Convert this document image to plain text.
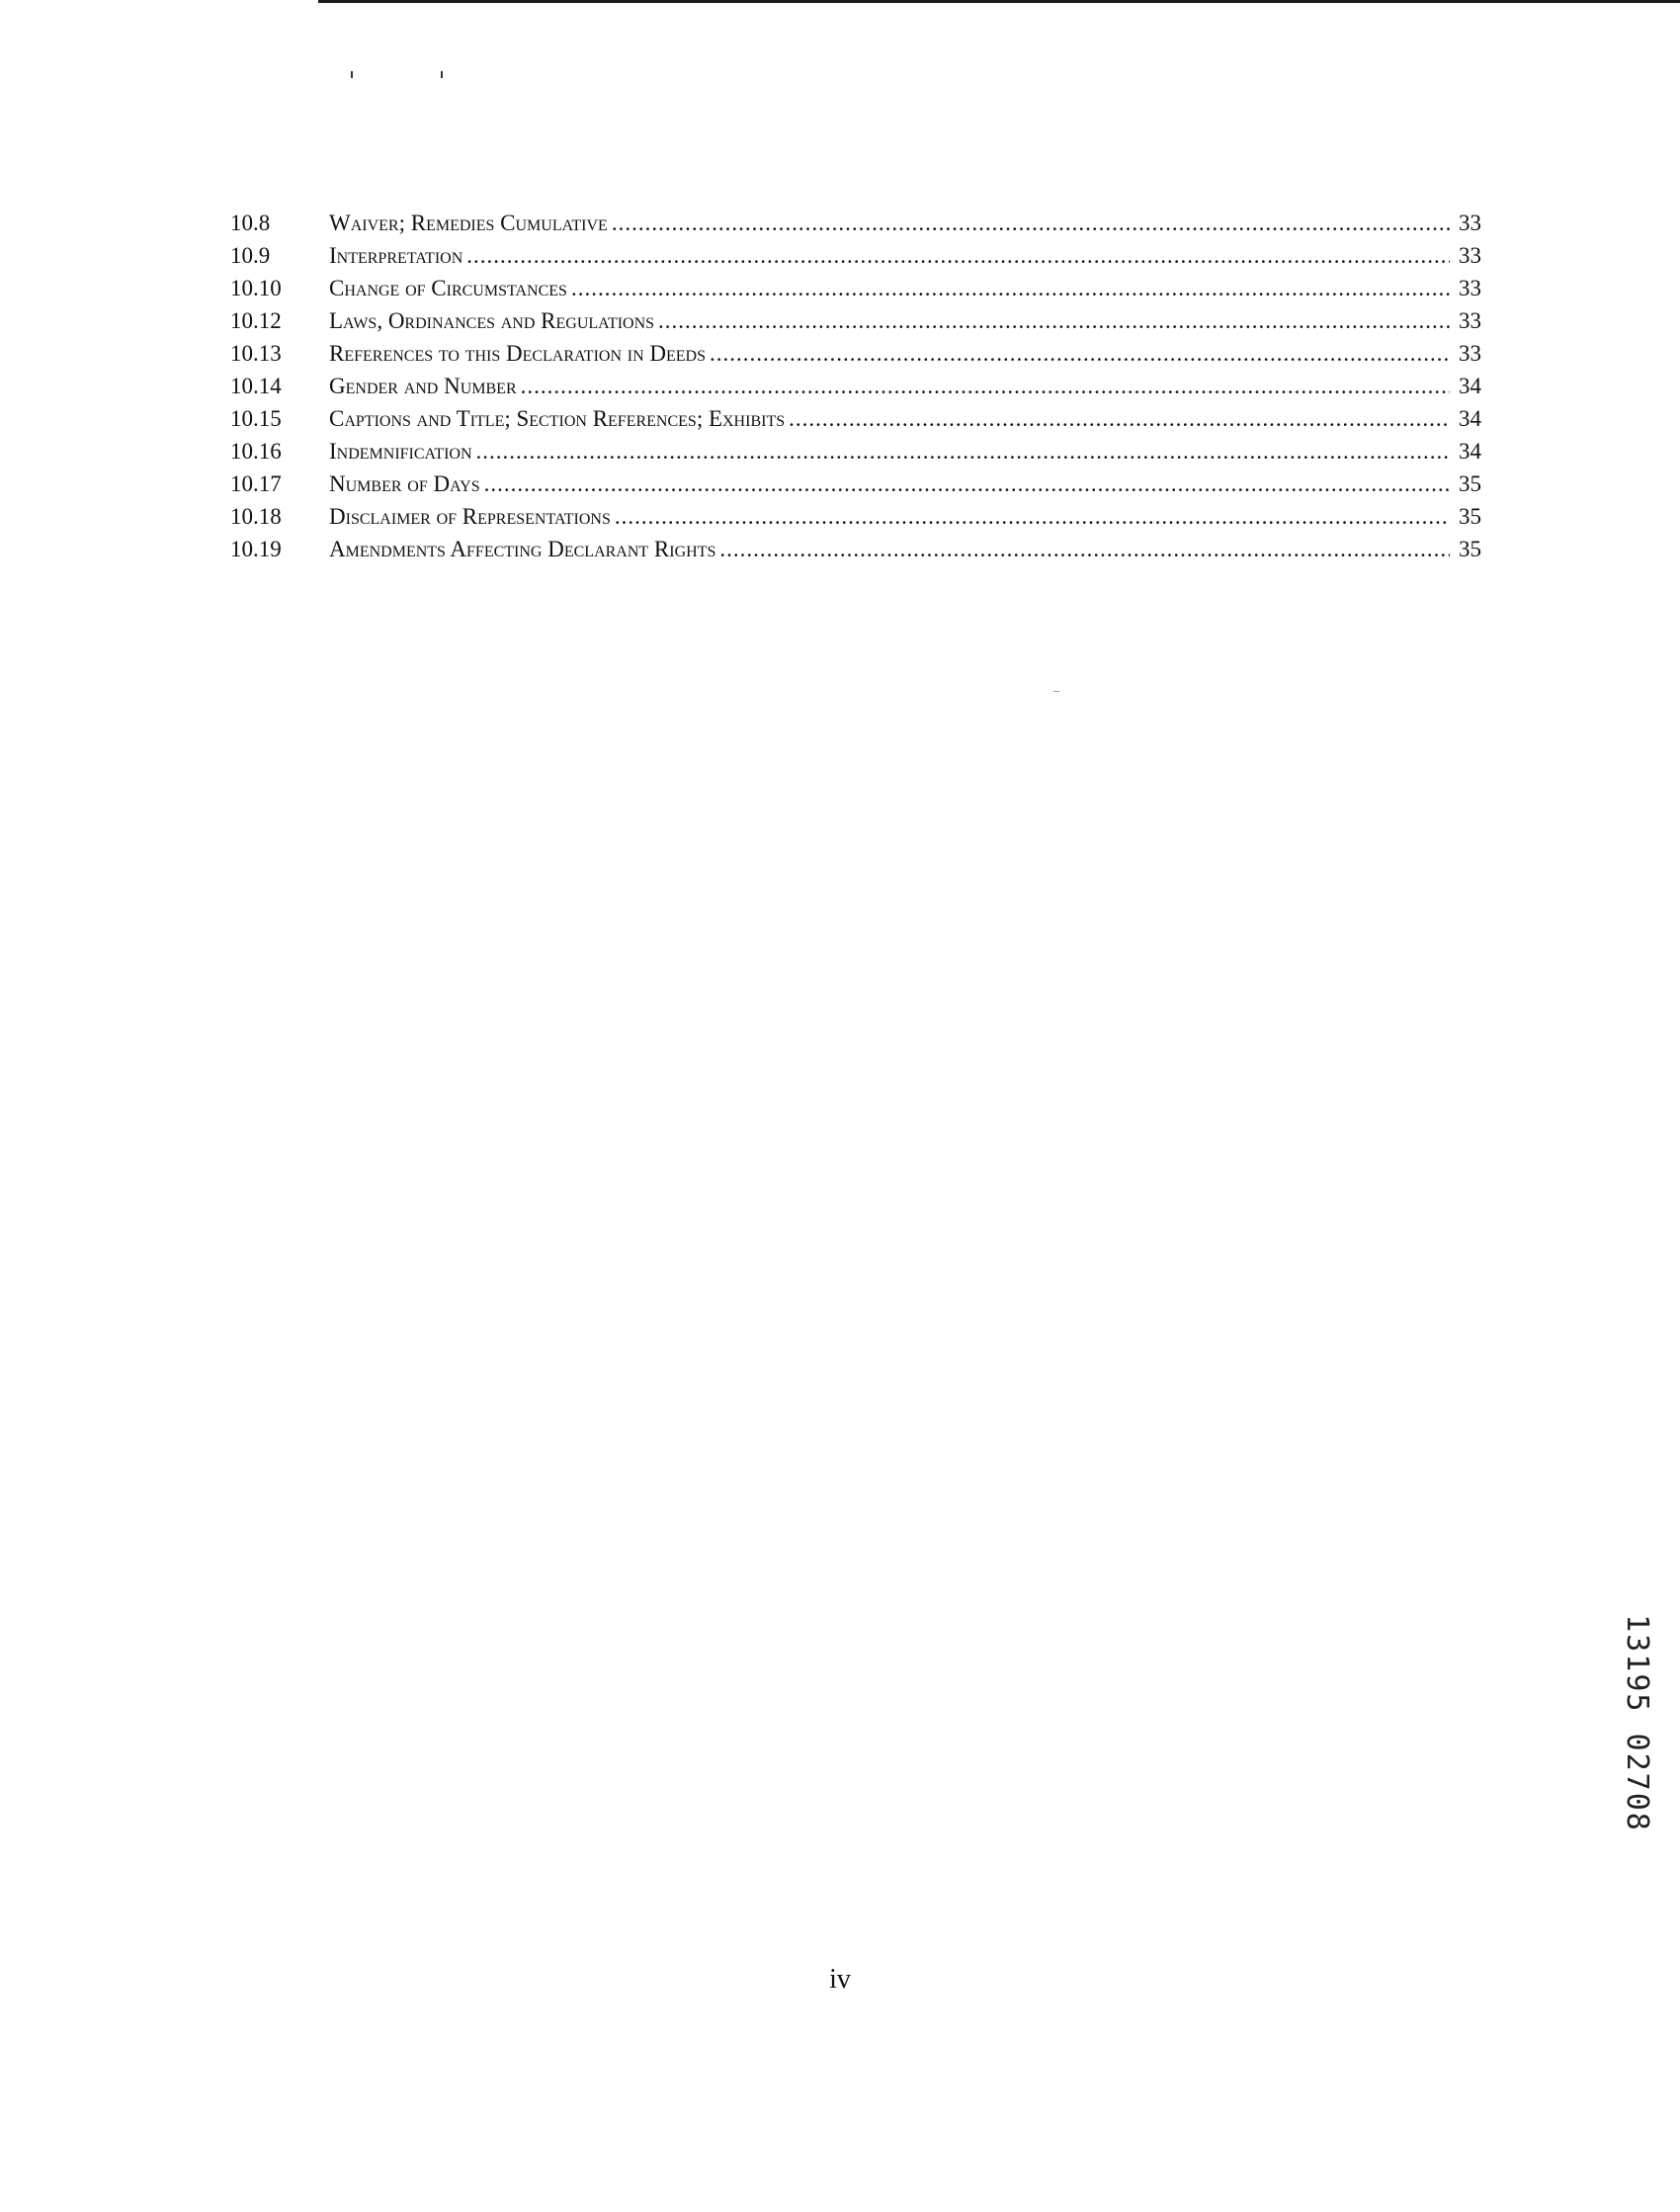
10.8	Waiver; Remedies Cumulative .....	33
10.9	Interpretation .....	33
10.10	Change of Circumstances .....	33
10.12	Laws, Ordinances and Regulations .....	33
10.13	References to this Declaration in Deeds .....	33
10.14	Gender and Number .....	34
10.15	Captions and Title; Section References; Exhibits .....	34
10.16	Indemnification .....	34
10.17	Number of Days .....	35
10.18	Disclaimer of Representations .....	35
10.19	Amendments Affecting Declarant Rights .....	35
iv
13195 02708
